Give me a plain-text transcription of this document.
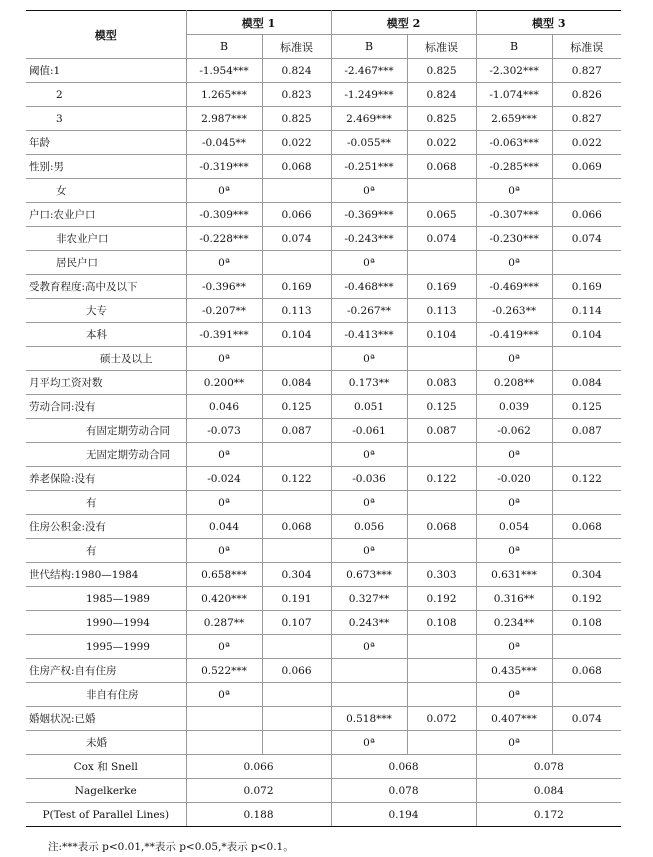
模型	模型 1		模型 2		模型 3	
	B	标准误	B	标准误	B	标准误
阈值:1	-1.954***	0.824	-2.467***	0.825	-2.302***	0.827
2	1.265***	0.823	-1.249***	0.824	-1.074***	0.826
3	2.987***	0.825	2.469***	0.825	2.659***	0.827
年龄	-0.045**	0.022	-0.055**	0.022	-0.063***	0.022
性别:男	-0.319***	0.068	-0.251***	0.068	-0.285***	0.069
女	0ª		0ª		0ª	
户口:农业户口	-0.309***	0.066	-0.369***	0.065	-0.307***	0.066
非农业户口	-0.228***	0.074	-0.243***	0.074	-0.230***	0.074
居民户口	0ª		0ª		0ª	
受教育程度:高中及以下	-0.396**	0.169	-0.468***	0.169	-0.469***	0.169
大专	-0.207**	0.113	-0.267**	0.113	-0.263**	0.114
本科	-0.391***	0.104	-0.413***	0.104	-0.419***	0.104
硕士及以上	0ª		0ª		0ª	
月平均工资对数	0.200**	0.084	0.173**	0.083	0.208**	0.084
劳动合同:没有	0.046	0.125	0.051	0.125	0.039	0.125
有固定期劳动合同	-0.073	0.087	-0.061	0.087	-0.062	0.087
无固定期劳动合同	0ª		0ª		0ª	
养老保险:没有	-0.024	0.122	-0.036	0.122	-0.020	0.122
有	0ª		0ª		0ª	
住房公积金:没有	0.044	0.068	0.056	0.068	0.054	0.068
有	0ª		0ª		0ª	
世代结构:1980—1984	0.658***	0.304	0.673***	0.303	0.631***	0.304
1985—1989	0.420***	0.191	0.327**	0.192	0.316**	0.192
1990—1994	0.287**	0.107	0.243**	0.108	0.234**	0.108
1995—1999	0ª		0ª		0ª	
住房产权:自有住房	0.522***	0.066			0.435***	0.068
非自有住房	0ª				0ª	
婚姻状况:已婚			0.518***	0.072	0.407***	0.074
未婚			0ª		0ª	
Cox 和 Snell	0.066		0.068		0.078	
Nagelkerke	0.072		0.078		0.084	
P(Test of Parallel Lines)	0.188		0.194		0.172	
注:***表示 p<0.01,**表示 p<0.05,*表示 p<0.1。
